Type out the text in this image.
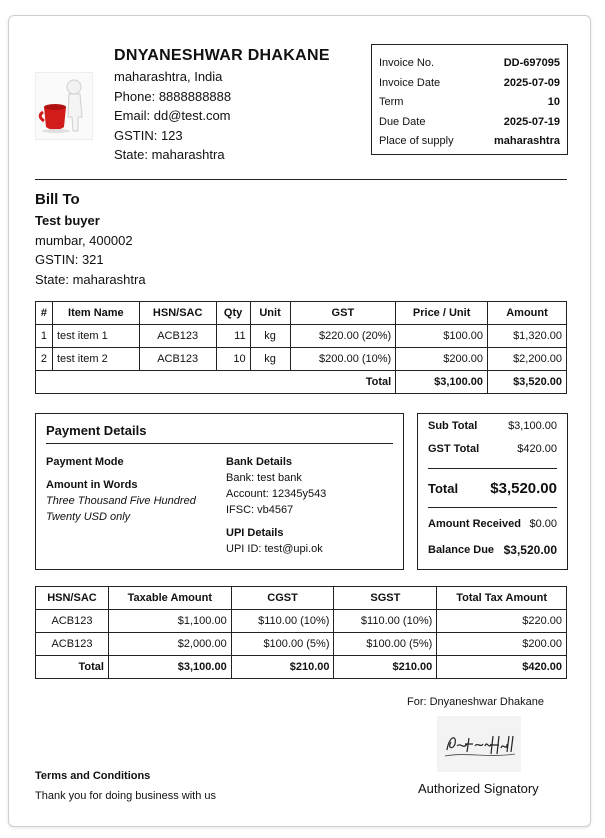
DNYANESHWAR DHAKANE
maharashtra, India
Phone: 8888888888
Email: dd@test.com
GSTIN: 123
State: maharashtra
Invoice No.	DD-697095
Invoice Date	2025-07-09
Term	10
Due Date	2025-07-19
Place of supply	maharashtra
Bill To
Test buyer
mumbar, 400002
GSTIN: 321
State: maharashtra
#	Item Name	HSN/SAC	Qty	Unit	GST	Price / Unit	Amount
1	test item 1	ACB123	11	kg	$220.00 (20%)	$100.00	$1,320.00
2	test item 2	ACB123	10	kg	$200.00 (10%)	$200.00	$2,200.00
Total						$3,100.00	$3,520.00
Payment Details
Payment Mode
Amount in Words
Three Thousand Five Hundred Twenty USD only
Bank Details
Bank: test bank
Account: 12345y543
IFSC: vb4567
UPI Details
UPI ID: test@upi.ok
Sub Total	$3,100.00
GST Total	$420.00
Total $3,520.00
Amount Received $0.00
Balance Due $3,520.00
HSN/SAC	Taxable Amount	CGST	SGST	Total Tax Amount
ACB123	$1,100.00	$110.00 (10%)	$110.00 (10%)	$220.00
ACB123	$2,000.00	$100.00 (5%)	$100.00 (5%)	$200.00
Total	$3,100.00	$210.00	$210.00	$420.00
For: Dnyaneshwar Dhakane
Authorized Signatory
Terms and Conditions
Thank you for doing business with us
